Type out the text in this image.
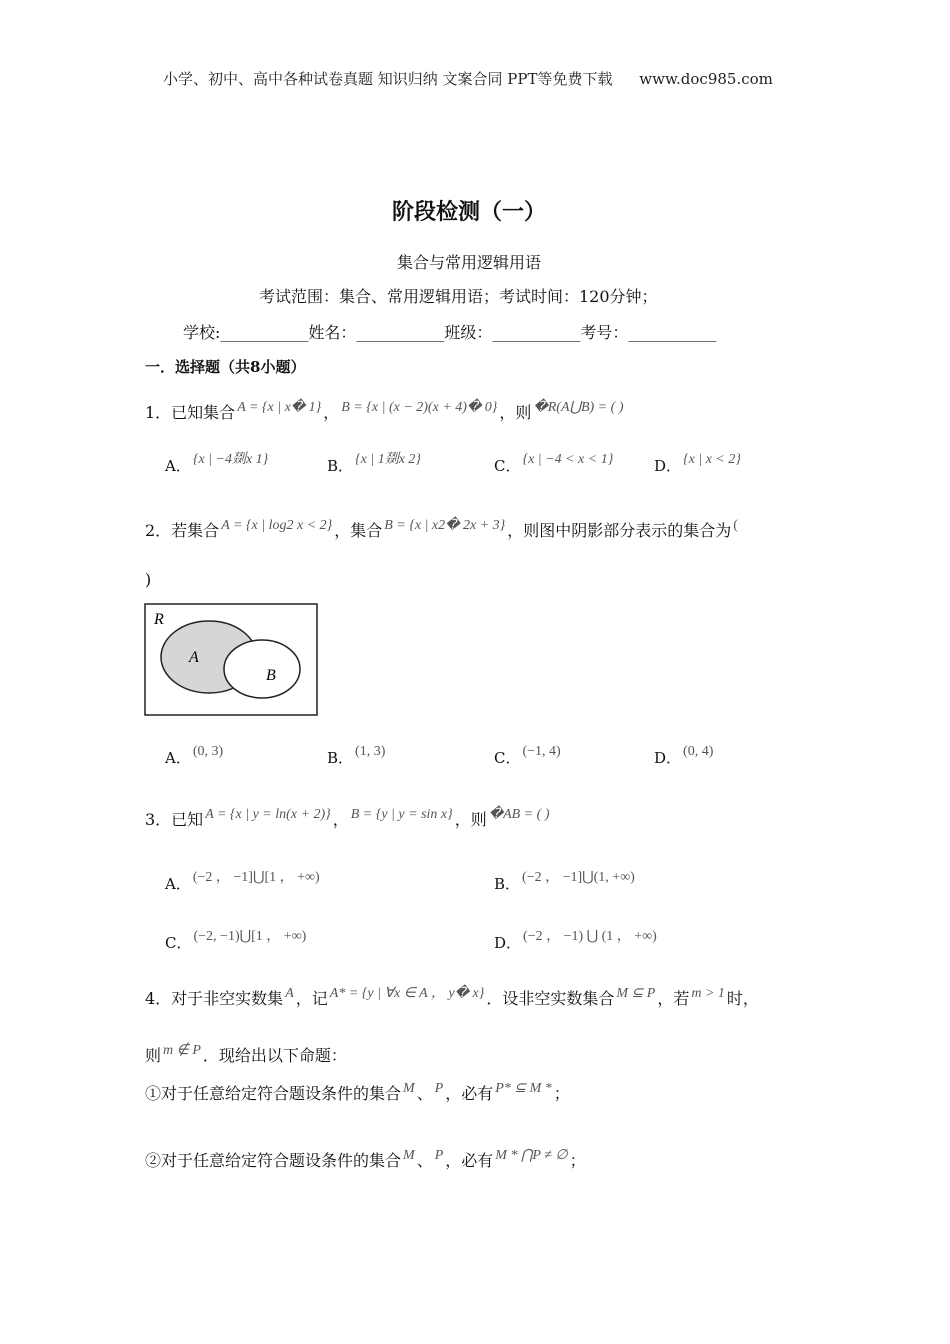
小学、初中、高中各种试卷真题 知识归纳 文案合同 PPT等免费下载 www.doc985.com
阶段检测（一）
集合与常用逻辑用语
考试范围：集合、常用逻辑用语；考试时间：120分钟；
学校:___________姓名：___________班级：___________考号：___________
一．选择题（共8小题）
1．已知集合 A = {x | x� 1} ， B = {x | (x − 2)(x + 4)� 0} ，则 �R(A⋃B) = ( )
A． {x | −4剟x 1}	B． {x | 1剟x 2}	C． {x | −4 < x < 1}	D． {x | x < 2}
2．若集合 A = {x | log2 x < 2} ，集合 B = {x | x2� 2x + 3} ，则图中阴影部分表示的集合为 (
)
R
A
B
A． (0, 3)	B． (1, 3)	C． (−1, 4)	D． (0, 4)
3．已知 A = {x | y = ln(x + 2)} ， B = {y | y = sin x} ，则 �AB = ( )
A． (−2 ， −1]⋃[1 ， +∞)	B． (−2 ， −1]⋃(1, +∞)
C． (−2, −1)⋃[1 ， +∞)	D． (−2 ， −1) ⋃ (1 ， +∞)
4．对于非空实数集 A ，记 A* = {y | ∀x ∈ A ， y� x} ．设非空实数集合 M ⊆ P ，若 m > 1 时，
则 m ∉ P ．现给出以下命题：
①对于任意给定符合题设条件的集合 M 、 P ，必有 P* ⊆ M * ；
②对于任意给定符合题设条件的集合 M 、 P ，必有 M * ⋂P ≠ ∅ ；
